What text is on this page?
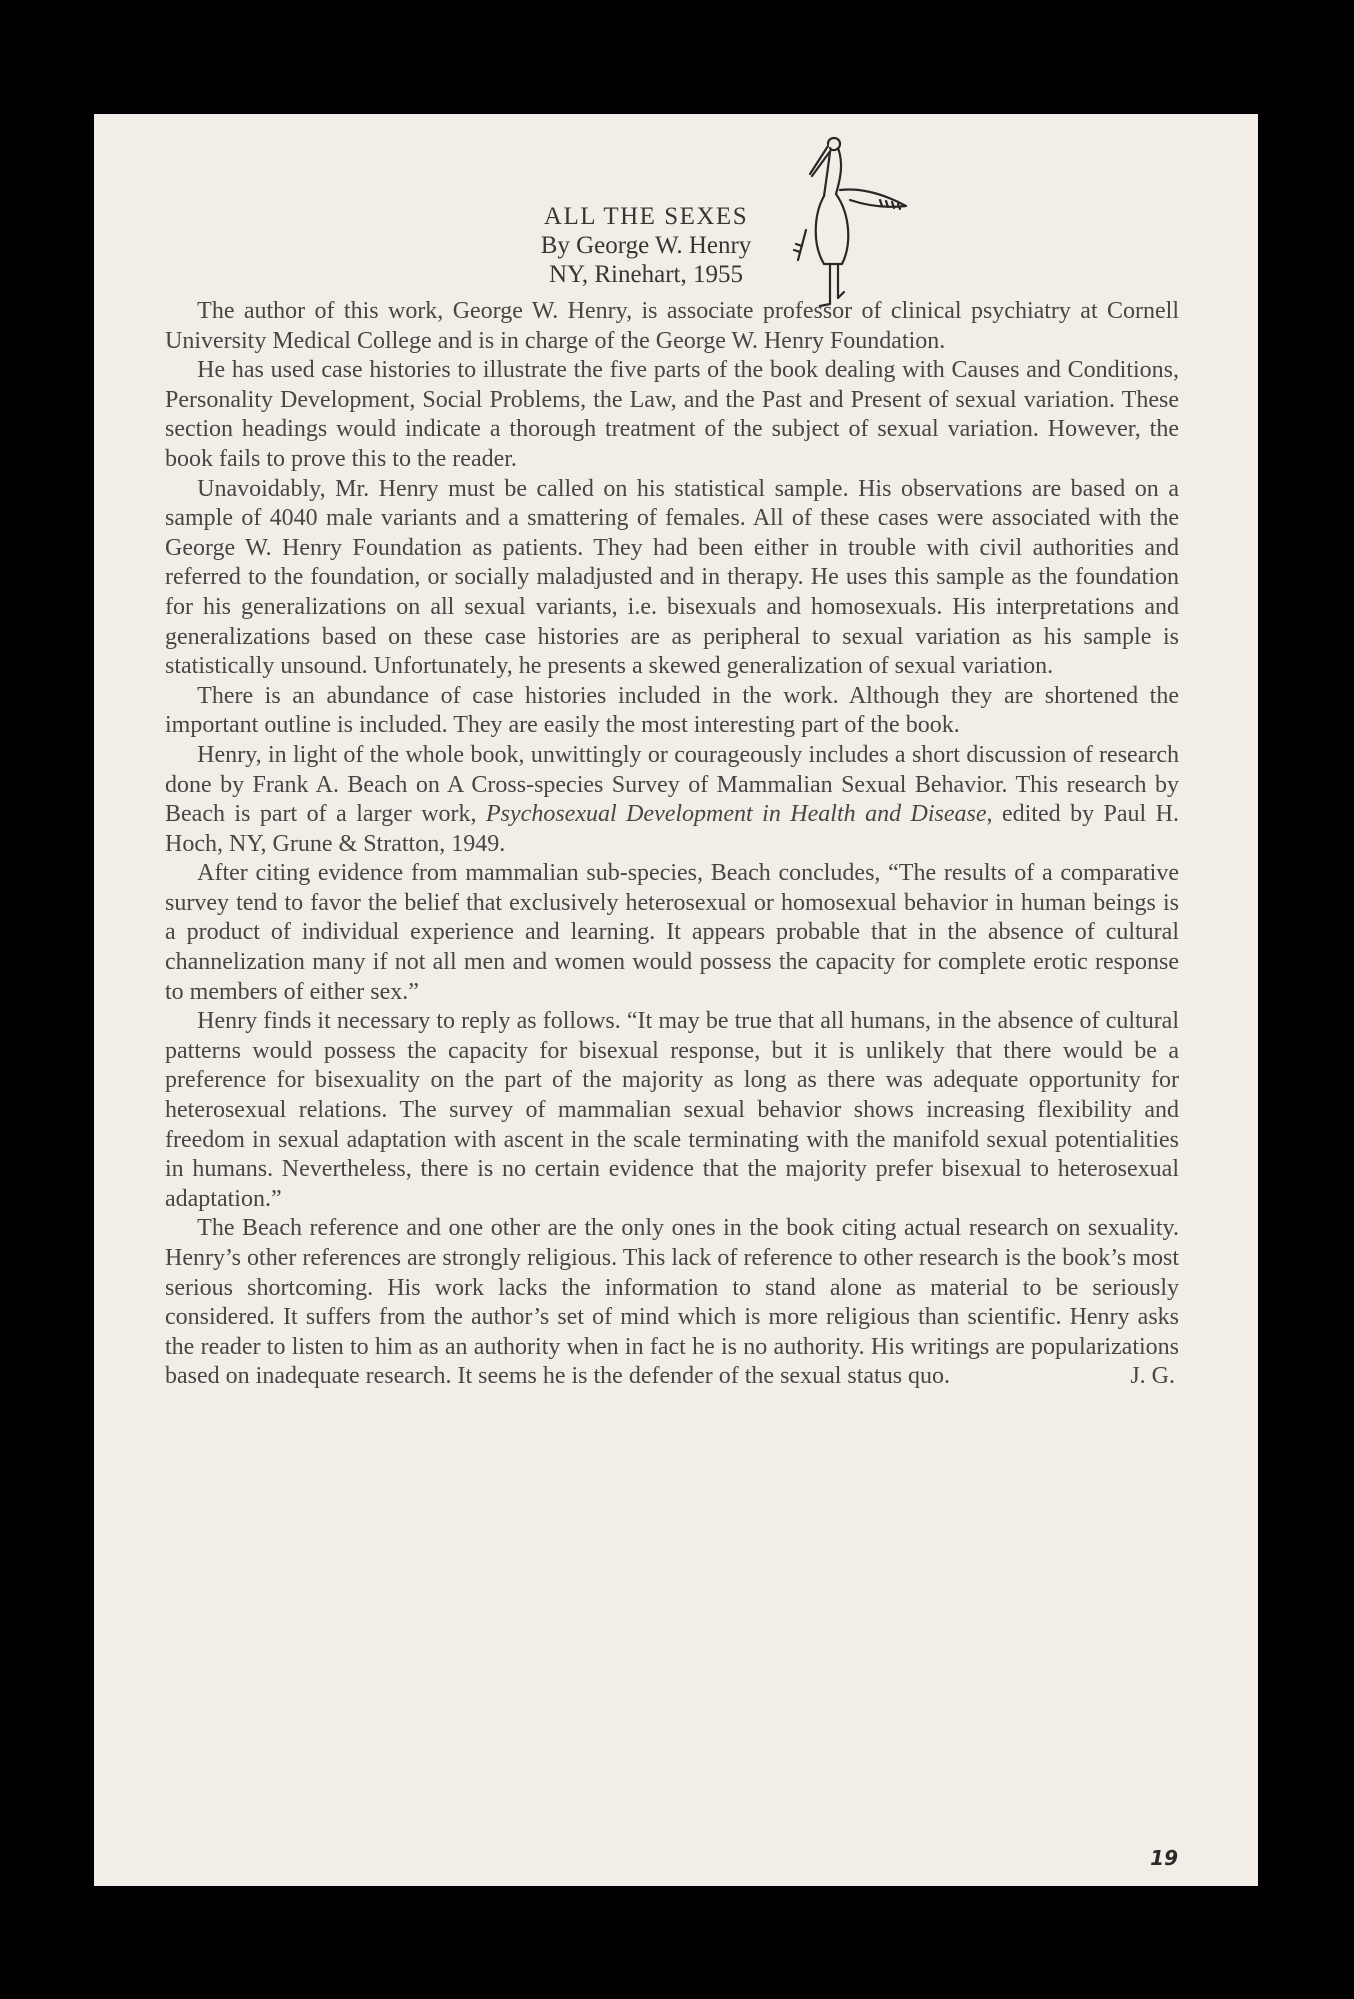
ALL THE SEXES
By George W. Henry
NY, Rinehart, 1955

The author of this work, George W. Henry, is associate professor of clinical psychiatry at Cornell University Medical College and is in charge of the George W. Henry Foundation.

He has used case histories to illustrate the five parts of the book dealing with Causes and Conditions, Personality Development, Social Problems, the Law, and the Past and Present of sexual variation. These section headings would indicate a thorough treatment of the subject of sexual variation. However, the book fails to prove this to the reader.

Unavoidably, Mr. Henry must be called on his statistical sample. His observations are based on a sample of 4040 male variants and a smattering of females. All of these cases were associated with the George W. Henry Foundation as patients. They had been either in trouble with civil authorities and referred to the foundation, or socially maladjusted and in therapy. He uses this sample as the foundation for his generalizations on all sexual variants, i.e. bisexuals and homosexuals. His interpretations and generalizations based on these case histories are as peripheral to sexual variation as his sample is statistically unsound. Unfortunately, he presents a skewed generalization of sexual variation.

There is an abundance of case histories included in the work. Although they are shortened the important outline is included. They are easily the most interesting part of the book.

Henry, in light of the whole book, unwittingly or courageously includes a short discussion of research done by Frank A. Beach on A Cross-species Survey of Mammalian Sexual Behavior. This research by Beach is part of a larger work, Psychosexual Development in Health and Disease, edited by Paul H. Hoch, NY, Grune & Stratton, 1949.

After citing evidence from mammalian sub-species, Beach concludes, “The results of a comparative survey tend to favor the belief that exclusively heterosexual or homosexual behavior in human beings is a product of individual experience and learning. It appears probable that in the absence of cultural channelization many if not all men and women would possess the capacity for complete erotic response to members of either sex.”

Henry finds it necessary to reply as follows. “It may be true that all humans, in the absence of cultural patterns would possess the capacity for bisexual response, but it is unlikely that there would be a preference for bisexuality on the part of the majority as long as there was adequate opportunity for heterosexual relations. The survey of mammalian sexual behavior shows increasing flexibility and freedom in sexual adaptation with ascent in the scale terminating with the manifold sexual potentialities in humans. Nevertheless, there is no certain evidence that the majority prefer bisexual to heterosexual adaptation.”

The Beach reference and one other are the only ones in the book citing actual research on sexuality. Henry’s other references are strongly religious. This lack of reference to other research is the book’s most serious shortcoming. His work lacks the information to stand alone as material to be seriously considered. It suffers from the author’s set of mind which is more religious than scientific. Henry asks the reader to listen to him as an authority when in fact he is no authority. His writings are popularizations based on inadequate research. It seems he is the defender of the sexual status quo.	J. G.

19
